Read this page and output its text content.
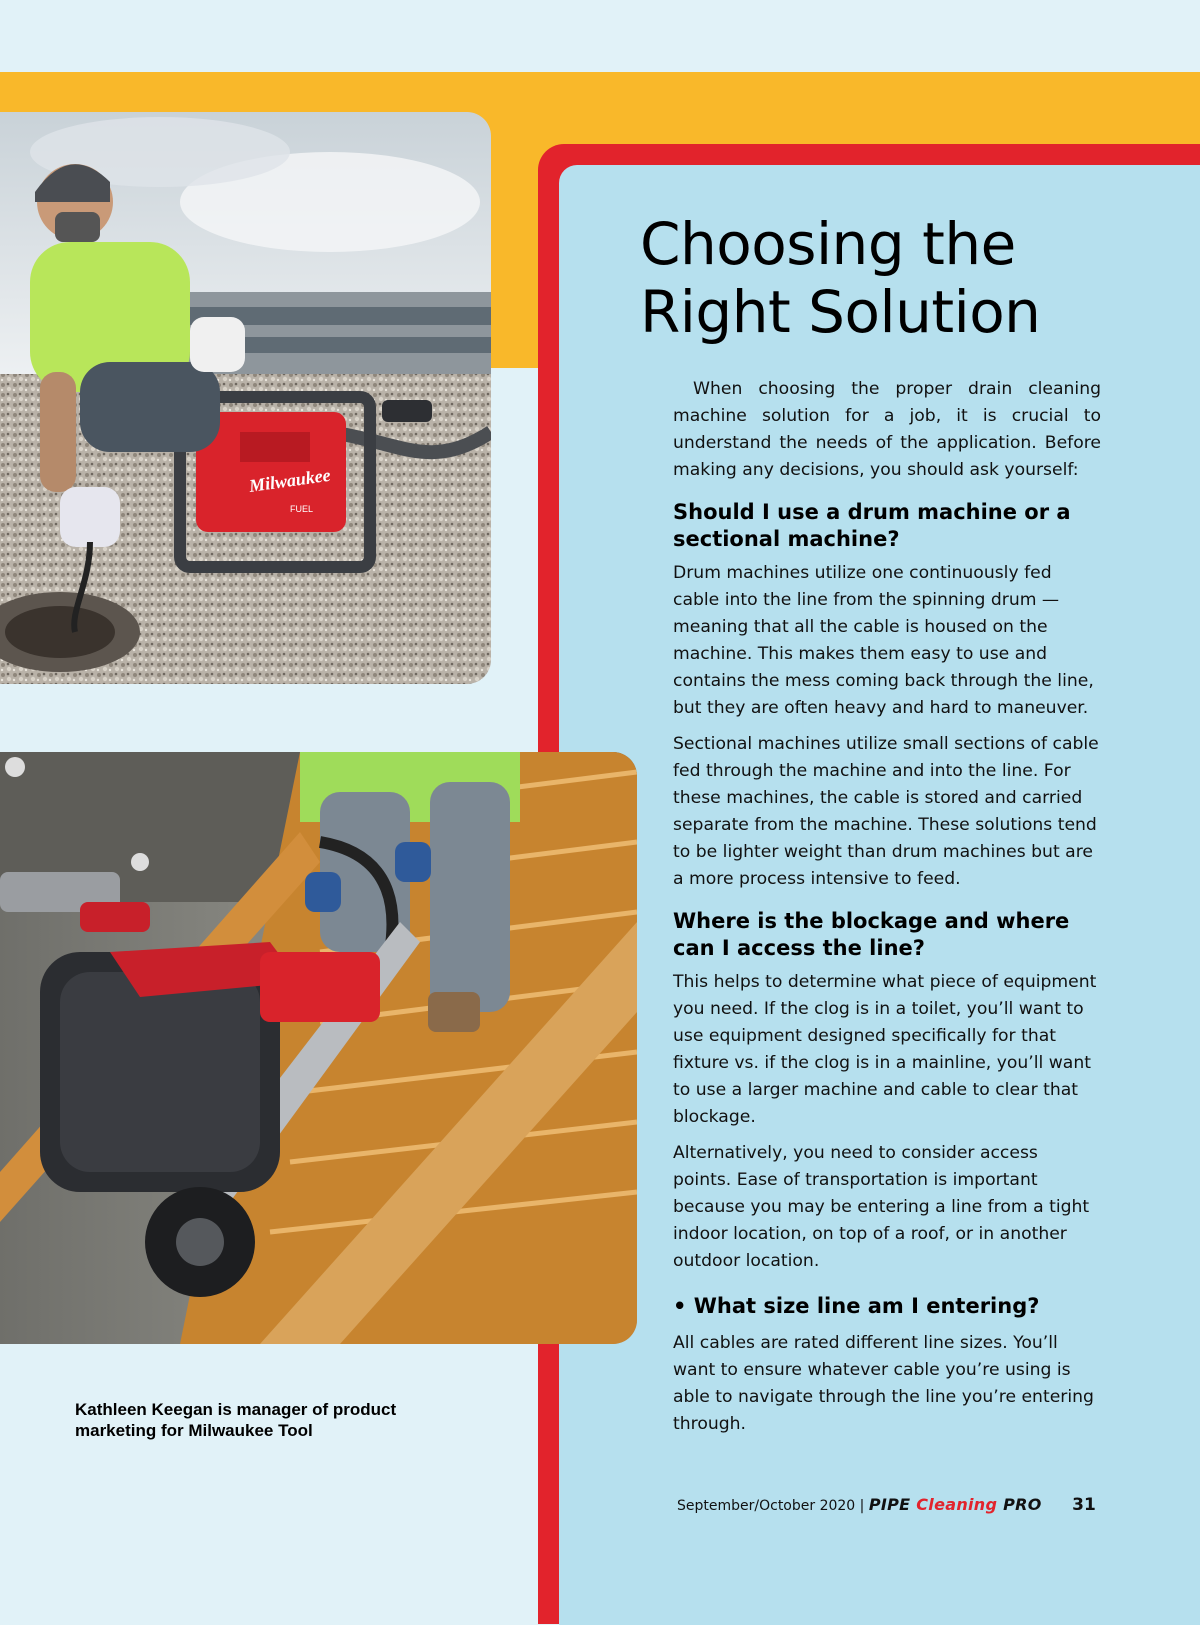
Milwaukee
FUEL
Choosing the
Right Solution

When choosing the proper drain cleaning machine solution for a job, it is crucial to understand the needs of the application. Before making any decisions, you should ask yourself:

Should I use a drum machine or a sectional machine?

Drum machines utilize one continuously fed cable into the line from the spinning drum — meaning that all the cable is housed on the machine. This makes them easy to use and contains the mess coming back through the line, but they are often heavy and hard to maneuver.

Sectional machines utilize small sections of cable fed through the machine and into the line. For these machines, the cable is stored and carried separate from the machine. These solutions tend to be lighter weight than drum machines but are a more process intensive to feed.

Where is the blockage and where can I access the line?

This helps to determine what piece of equipment you need. If the clog is in a toilet, you’ll want to use equipment designed specifically for that fixture vs. if the clog is in a mainline, you’ll want to use a larger machine and cable to clear that blockage.

Alternatively, you need to consider access points. Ease of transportation is important because you may be entering a line from a tight indoor location, on top of a roof, or in another outdoor location.

• What size line am I entering?

All cables are rated different line sizes. You’ll want to ensure whatever cable you’re using is able to navigate through the line you’re entering through.

Kathleen Keegan is manager of product marketing for Milwaukee Tool
September/October 2020 | PIPE Cleaning PRO 31
